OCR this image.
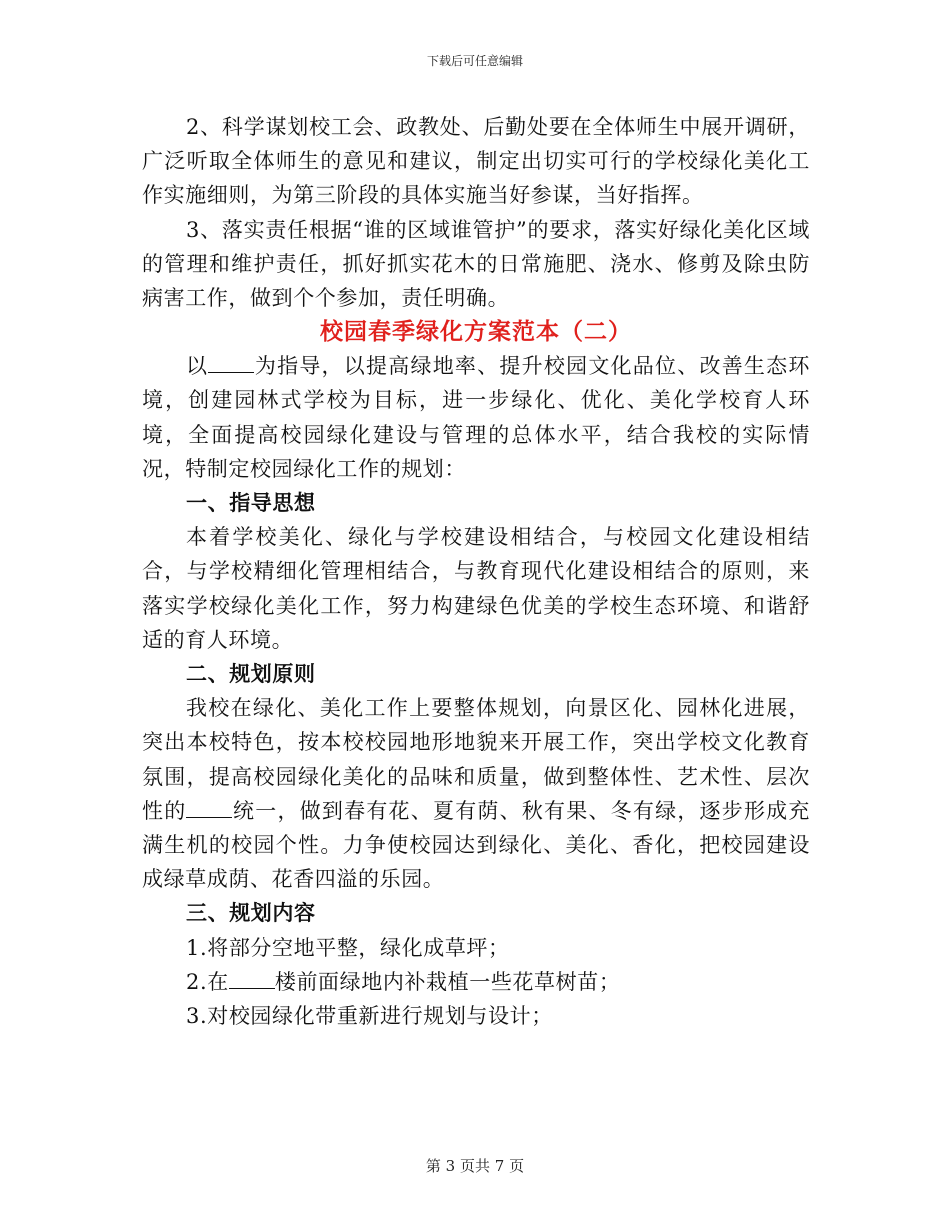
下载后可任意编辑

2、科学谋划校工会、政教处、后勤处要在全体师生中展开调研，广泛听取全体师生的意见和建议，制定出切实可行的学校绿化美化工作实施细则，为第三阶段的具体实施当好参谋，当好指挥。

3、落实责任根据“谁的区域谁管护”的要求，落实好绿化美化区域的管理和维护责任，抓好抓实花木的日常施肥、浇水、修剪及除虫防病害工作，做到个个参加，责任明确。

校园春季绿化方案范本（二）

以 为指导，以提高绿地率、提升校园文化品位、改善生态环境，创建园林式学校为目标，进一步绿化、优化、美化学校育人环境，全面提高校园绿化建设与管理的总体水平，结合我校的实际情况，特制定校园绿化工作的规划：

一、指导思想

本着学校美化、绿化与学校建设相结合，与校园文化建设相结合，与学校精细化管理相结合，与教育现代化建设相结合的原则，来落实学校绿化美化工作，努力构建绿色优美的学校生态环境、和谐舒适的育人环境。

二、规划原则

我校在绿化、美化工作上要整体规划，向景区化、园林化进展，突出本校特色，按本校校园地形地貌来开展工作，突出学校文化教育氛围，提高校园绿化美化的品味和质量，做到整体性、艺术性、层次性的 统一，做到春有花、夏有荫、秋有果、冬有绿，逐步形成充满生机的校园个性。力争使校园达到绿化、美化、香化，把校园建设成绿草成荫、花香四溢的乐园。

三、规划内容

1.将部分空地平整，绿化成草坪；

2.在 楼前面绿地内补栽植一些花草树苗；

3.对校园绿化带重新进行规划与设计；

第 3 页共 7 页
